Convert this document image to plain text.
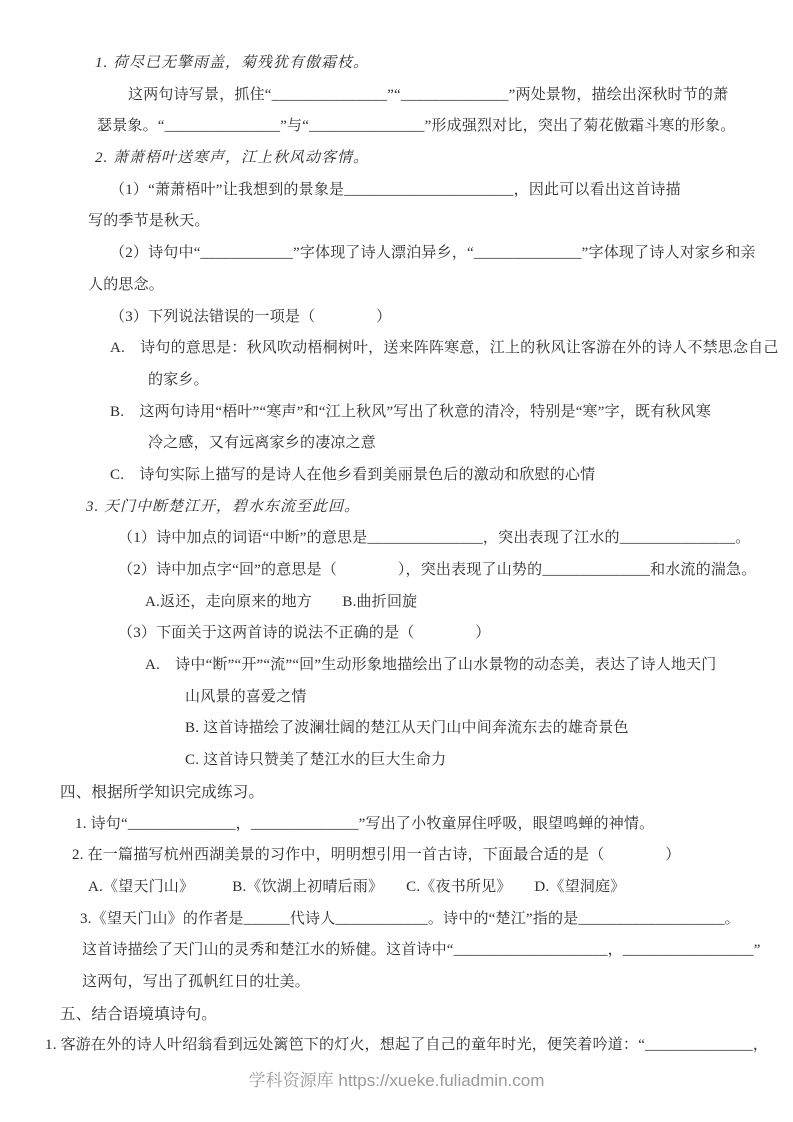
1. 荷尽已无擎雨盖，菊残犹有傲霜枝。
这两句诗写景，抓住“_______________”“______________”两处景物，描绘出深秋时节的萧
瑟景象。“_______________”与“_______________”形成强烈对比，突出了菊花傲霜斗寒的形象。
2. 萧萧梧叶送寒声，江上秋风动客情。
（1）“萧萧梧叶”让我想到的景象是______________________，因此可以看出这首诗描
写的季节是秋天。
（2）诗句中“____________”字体现了诗人漂泊异乡，“______________”字体现了诗人对家乡和亲
人的思念。
（3）下列说法错误的一项是（　　　　）
A.　诗句的意思是：秋风吹动梧桐树叶，送来阵阵寒意，江上的秋风让客游在外的诗人不禁思念自己
的家乡。
B.　这两句诗用“梧叶”“寒声”和“江上秋风”写出了秋意的清冷，特别是“寒”字，既有秋风寒
冷之感，又有远离家乡的凄凉之意
C.　诗句实际上描写的是诗人在他乡看到美丽景色后的激动和欣慰的心情
3. 天门中断楚江开，碧水东流至此回。
（1）诗中加点的词语“中断”的意思是_______________，突出表现了江水的_______________。
（2）诗中加点字“回”的意思是（　　　　），突出表现了山势的______________和水流的湍急。
A.返还，走向原来的地方　　B.曲折回旋
（3）下面关于这两首诗的说法不正确的是（　　　　）
A.　诗中“断”“开”“流”“回”生动形象地描绘出了山水景物的动态美，表达了诗人地天门
山风景的喜爱之情
B. 这首诗描绘了波澜壮阔的楚江从天门山中间奔流东去的雄奇景色
C. 这首诗只赞美了楚江水的巨大生命力
四、根据所学知识完成练习。
1. 诗句“______________，______________”写出了小牧童屏住呼吸，眼望鸣蝉的神情。
2. 在一篇描写杭州西湖美景的习作中，明明想引用一首古诗，下面最合适的是（　　　　）
A.《望天门山》　　　B.《饮湖上初晴后雨》　　C.《夜书所见》　　D.《望洞庭》
3.《望天门山》的作者是______代诗人____________。诗中的“楚江”指的是___________________。
这首诗描绘了天门山的灵秀和楚江水的矫健。这首诗中“____________________，_________________”
这两句，写出了孤帆红日的壮美。
五、结合语境填诗句。
1. 客游在外的诗人叶绍翁看到远处篱笆下的灯火，想起了自己的童年时光，便笑着吟道：“______________，
学科资源库 https://xueke.fuliadmin.com
